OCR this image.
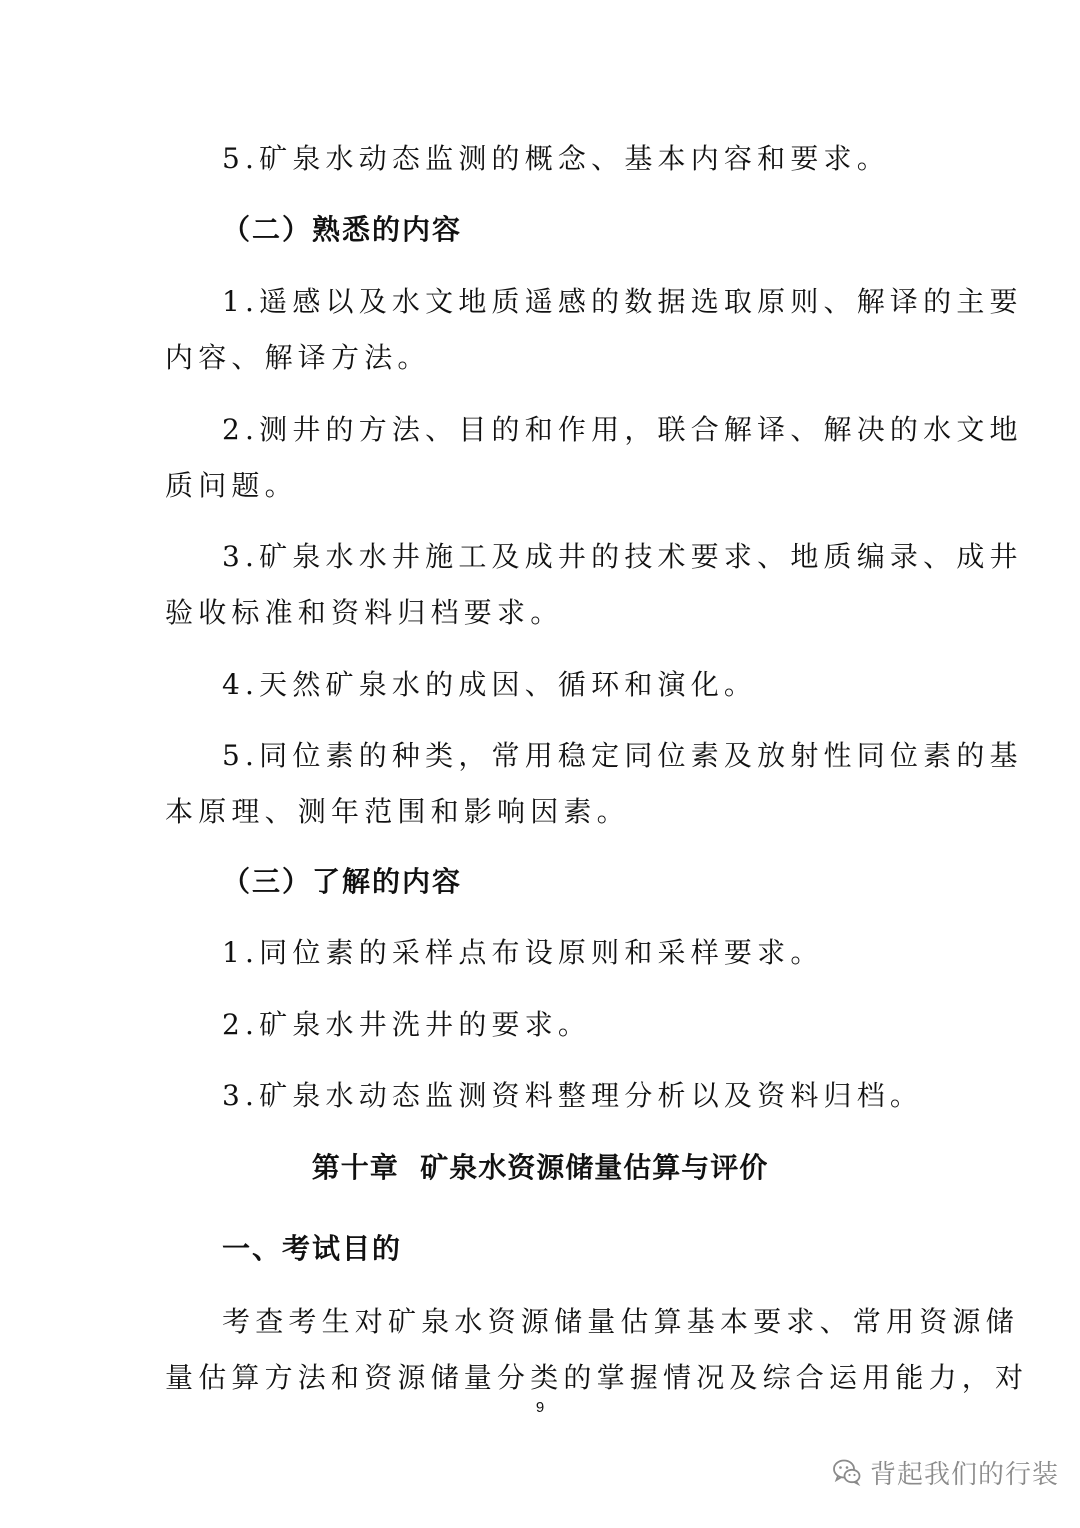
5.矿泉水动态监测的概念、基本内容和要求。
（二）熟悉的内容
1.遥感以及水文地质遥感的数据选取原则、解译的主要
内容、解译方法。
2.测井的方法、目的和作用，联合解译、解决的水文地
质问题。
3.矿泉水水井施工及成井的技术要求、地质编录、成井
验收标准和资料归档要求。
4.天然矿泉水的成因、循环和演化。
5.同位素的种类，常用稳定同位素及放射性同位素的基
本原理、测年范围和影响因素。
（三）了解的内容
1.同位素的采样点布设原则和采样要求。
2.矿泉水井洗井的要求。
3.矿泉水动态监测资料整理分析以及资料归档。
第十章  矿泉水资源储量估算与评价
一、考试目的
考查考生对矿泉水资源储量估算基本要求、常用资源储
量估算方法和资源储量分类的掌握情况及综合运用能力，对
9
背起我们的行装
